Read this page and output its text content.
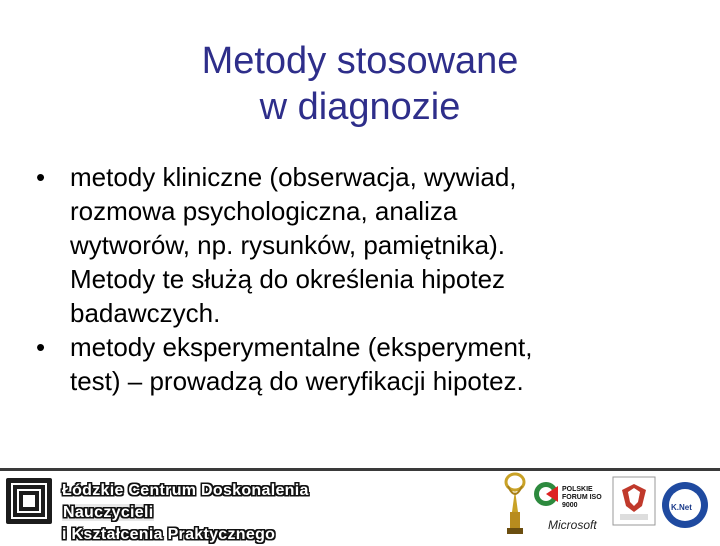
Metody stosowane
w diagnozie
• metody kliniczne (obserwacja, wywiad,
rozmowa psychologiczna, analiza
wytworów, np. rysunków, pamiętnika).
Metody te służą do określenia hipotez
badawczych.
• metody eksperymentalne (eksperyment,
test) – prowadzą do weryfikacji hipotez.
Łódzkie Centrum Doskonalenia
Nauczycieli
i Kształcenia Praktycznego
POLSKIE FORUM ISO 9000
Microsoft
K.Net
